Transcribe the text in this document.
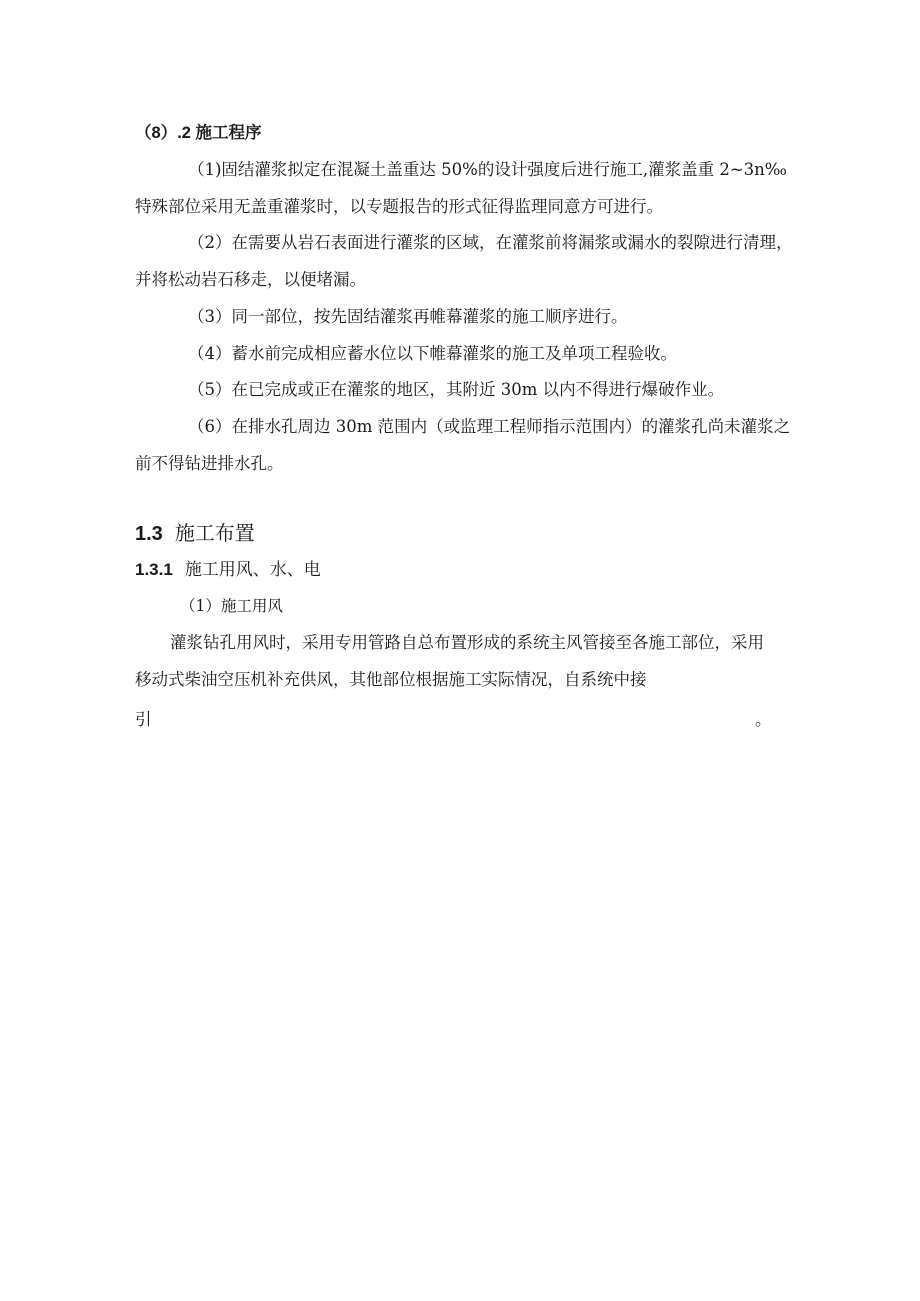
（8）.2 施工程序
（1)固结灌浆拟定在混凝土盖重达 50%的设计强度后进行施工,灌浆盖重 2~3n‰
特殊部位采用无盖重灌浆时，以专题报告的形式征得监理同意方可进行。
（2）在需要从岩石表面进行灌浆的区域，在灌浆前将漏浆或漏水的裂隙进行清理，
并将松动岩石移走，以便堵漏。
（3）同一部位，按先固结灌浆再帷幕灌浆的施工顺序进行。
（4）蓄水前完成相应蓄水位以下帷幕灌浆的施工及单项工程验收。
（5）在已完成或正在灌浆的地区，其附近 30m 以内不得进行爆破作业。
（6）在排水孔周边 30m 范围内（或监理工程师指示范围内）的灌浆孔尚未灌浆之
前不得钻进排水孔。
1.3 施工布置
1.3.1 施工用风、水、电
（1）施工用风
灌浆钻孔用风时，采用专用管路自总布置形成的系统主风管接至各施工部位，采用
移动式柴油空压机补充供风，其他部位根据施工实际情况，自系统中接
引	。
